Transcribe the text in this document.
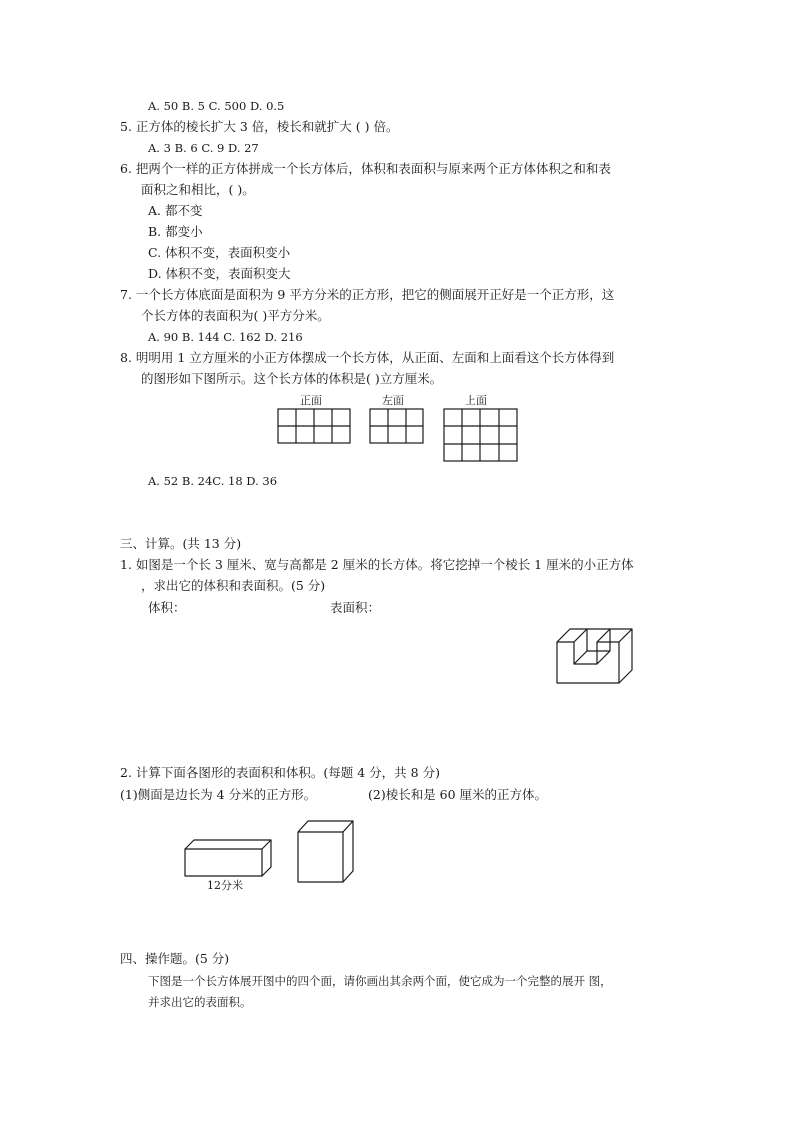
A. 50 B. 5 C. 500 D. 0.5
5. 正方体的棱长扩大 3 倍，棱长和就扩大 ( ) 倍。
A. 3 B. 6 C. 9 D. 27
6. 把两个一样的正方体拼成一个长方体后，体积和表面积与原来两个正方体体积之和和表
面积之和相比，( )。
A. 都不变
B. 都变小
C. 体积不变，表面积变小
D. 体积不变，表面积变大
7. 一个长方体底面是面积为 9 平方分米的正方形，把它的侧面展开正好是一个正方形，这
个长方体的表面积为( )平方分米。
A. 90 B. 144 C. 162 D. 216
8. 明明用 1 立方厘米的小正方体摆成一个长方体，从正面、左面和上面看这个长方体得到
的图形如下图所示。这个长方体的体积是( )立方厘米。
正面	左面	上面
A. 52 B. 24C. 18 D. 36
三、计算。(共 13 分)
1. 如图是一个长 3 厘米、宽与高都是 2 厘米的长方体。将它挖掉一个棱长 1 厘米的小正方体
，求出它的体积和表面积。(5 分)
体积：	表面积：
2. 计算下面各图形的表面积和体积。(每题 4 分，共 8 分)
(1)侧面是边长为 4 分米的正方形。	(2)棱长和是 60 厘米的正方体。
12分米
四、操作题。(5 分)
下图是一个长方体展开图中的四个面，请你画出其余两个面，使它成为一个完整的展开 图，
并求出它的表面积。
